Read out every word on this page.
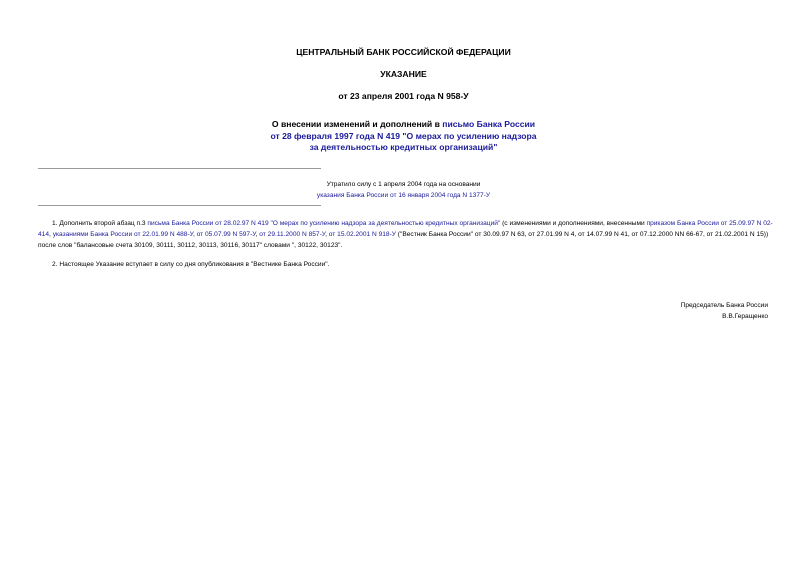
ЦЕНТРАЛЬНЫЙ БАНК РОССИЙСКОЙ ФЕДЕРАЦИИ
УКАЗАНИЕ
от 23 апреля 2001 года N 958-У
О внесении изменений и дополнений в письмо Банка России
от 28 февраля 1997 года N 419 "О мерах по усилению надзора
за деятельностью кредитных организаций"
Утратило силу с 1 апреля 2004 года на основании
указания Банка России от 16 января 2004 года N 1377-У
1. Дополнить второй абзац п.3 письма Банка России от 28.02.97 N 419 "О мерах по усилению надзора за деятельностью кредитных организаций" (с изменениями и дополнениями, внесенными приказом Банка России от 25.09.97 N 02-414, указаниями Банка России от 22.01.99 N 488-У, от 05.07.99 N 597-У, от 29.11.2000 N 857-У, от 15.02.2001 N 918-У ("Вестник Банка России" от 30.09.97 N 63, от 27.01.99 N 4, от 14.07.99 N 41, от 07.12.2000 NN 66-67, от 21.02.2001 N 15)) после слов "балансовые счета 30109, 30111, 30112, 30113, 30116, 30117" словами ", 30122, 30123".
2. Настоящее Указание вступает в силу со дня опубликования в "Вестнике Банка России".
Председатель Банка России
В.В.Геращенко
